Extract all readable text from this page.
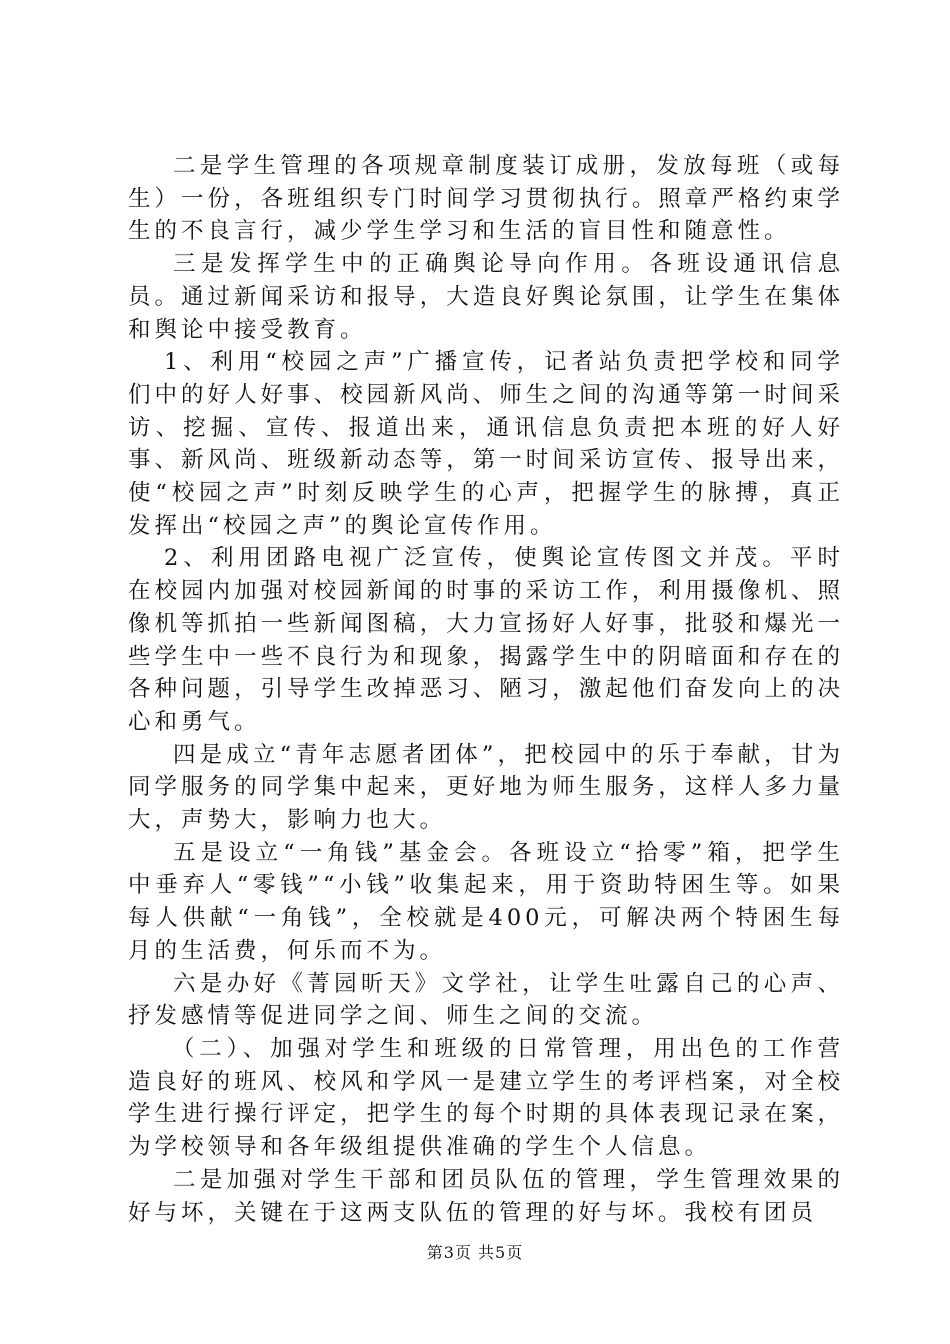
二是学生管理的各项规章制度装订成册，发放每班（或每生）一份，各班组织专门时间学习贯彻执行。照章严格约束学生的不良言行，减少学生学习和生活的盲目性和随意性。

三是发挥学生中的正确舆论导向作用。各班设通讯信息员。通过新闻采访和报导，大造良好舆论氛围，让学生在集体和舆论中接受教育。

1、利用“校园之声”广播宣传，记者站负责把学校和同学们中的好人好事、校园新风尚、师生之间的沟通等第一时间采访、挖掘、宣传、报道出来，通讯信息负责把本班的好人好事、新风尚、班级新动态等，第一时间采访宣传、报导出来，使“校园之声”时刻反映学生的心声，把握学生的脉搏，真正发挥出“校园之声”的舆论宣传作用。

2、利用团路电视广泛宣传，使舆论宣传图文并茂。平时在校园内加强对校园新闻的时事的采访工作，利用摄像机、照像机等抓拍一些新闻图稿，大力宣扬好人好事，批驳和爆光一些学生中一些不良行为和现象，揭露学生中的阴暗面和存在的各种问题，引导学生改掉恶习、陋习，激起他们奋发向上的决心和勇气。

四是成立“青年志愿者团体”，把校园中的乐于奉献，甘为同学服务的同学集中起来，更好地为师生服务，这样人多力量大，声势大，影响力也大。

五是设立“一角钱”基金会。各班设立“拾零”箱，把学生中垂弃人“零钱”“小钱”收集起来，用于资助特困生等。如果每人供献“一角钱”，全校就是400元，可解决两个特困生每月的生活费，何乐而不为。

六是办好《菁园昕天》文学社，让学生吐露自己的心声、抒发感情等促进同学之间、师生之间的交流。

（二）、加强对学生和班级的日常管理，用出色的工作营造良好的班风、校风和学风一是建立学生的考评档案，对全校学生进行操行评定，把学生的每个时期的具体表现记录在案，为学校领导和各年级组提供准确的学生个人信息。

二是加强对学生干部和团员队伍的管理，学生管理效果的好与坏，关键在于这两支队伍的管理的好与坏。我校有团员

第3页 共5页
